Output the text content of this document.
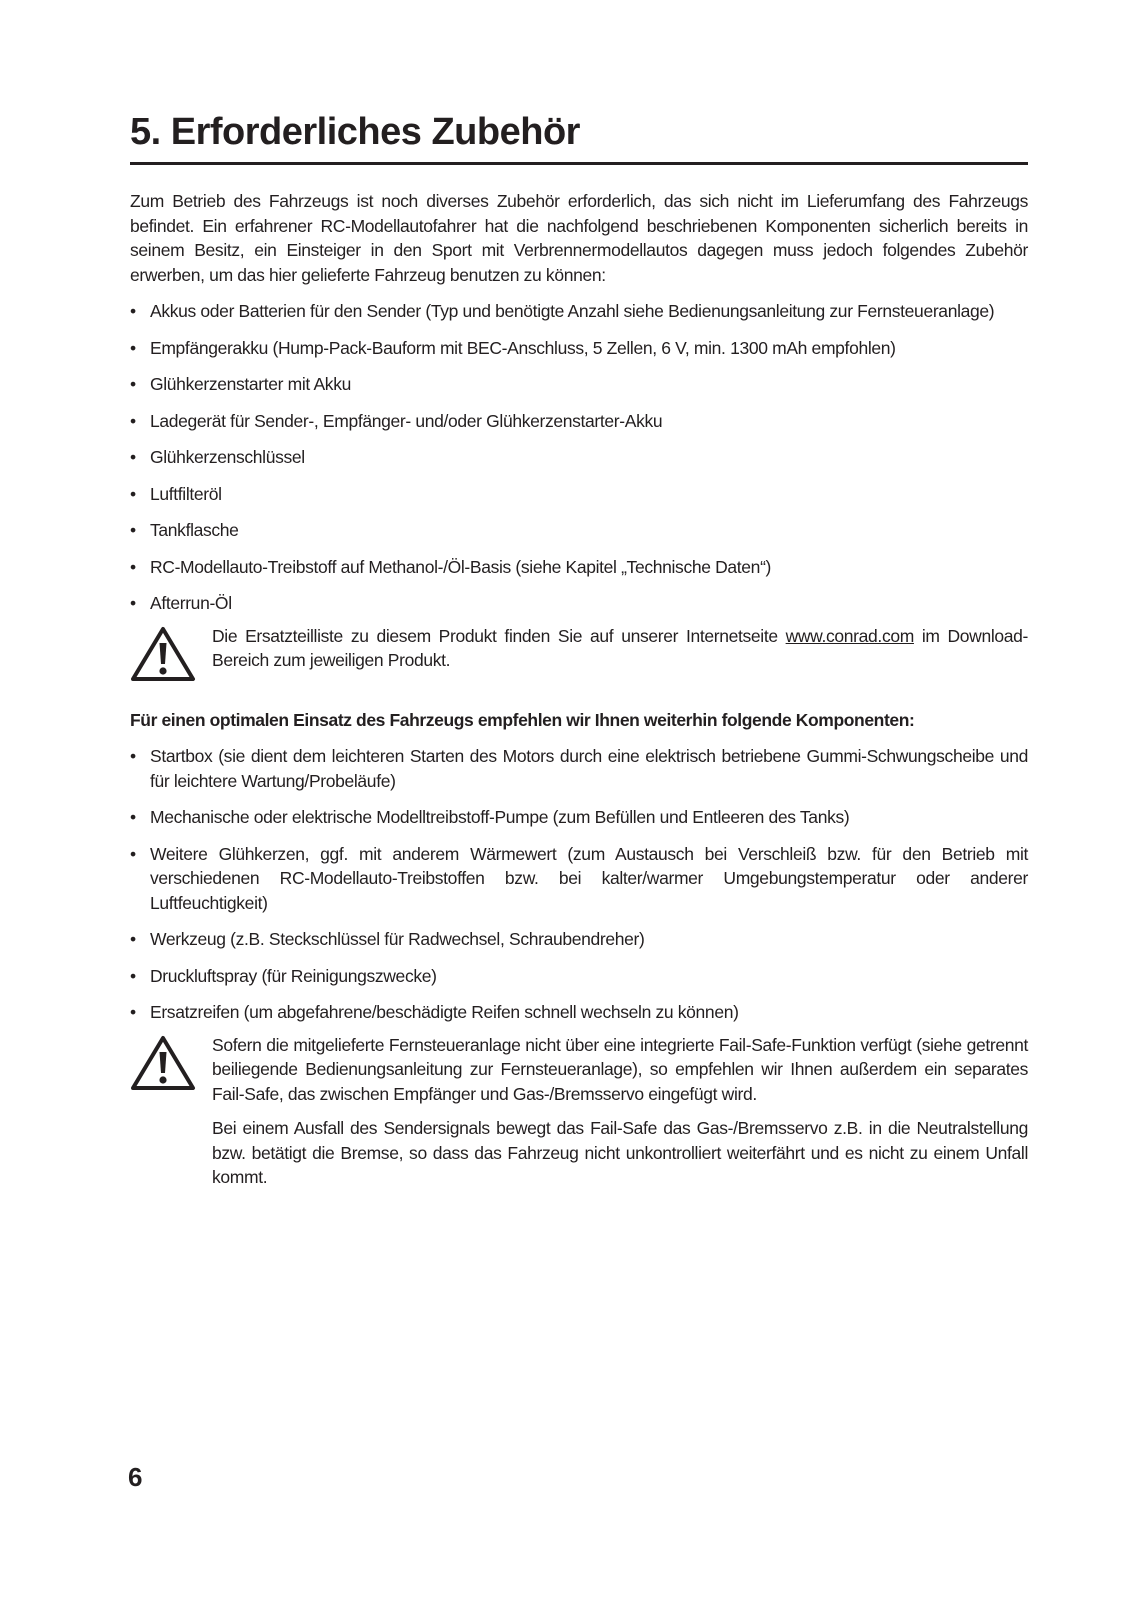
5. Erforderliches Zubehör

Zum Betrieb des Fahrzeugs ist noch diverses Zubehör erforderlich, das sich nicht im Lieferumfang des Fahrzeugs befindet. Ein erfahrener RC-Modellautofahrer hat die nachfolgend beschriebenen Komponenten sicherlich bereits in seinem Besitz, ein Einsteiger in den Sport mit Verbrennermodellautos dagegen muss jedoch folgendes Zubehör erwerben, um das hier gelieferte Fahrzeug benutzen zu können:

• Akkus oder Batterien für den Sender (Typ und benötigte Anzahl siehe Bedienungsanleitung zur Fernsteueranlage)
• Empfängerakku (Hump-Pack-Bauform mit BEC-Anschluss, 5 Zellen, 6 V, min. 1300 mAh empfohlen)
• Glühkerzenstarter mit Akku
• Ladegerät für Sender-, Empfänger- und/oder Glühkerzenstarter-Akku
• Glühkerzenschlüssel
• Luftfilteröl
• Tankflasche
• RC-Modellauto-Treibstoff auf Methanol-/Öl-Basis (siehe Kapitel „Technische Daten“)
• Afterrun-Öl

Die Ersatzteilliste zu diesem Produkt finden Sie auf unserer Internetseite www.conrad.com im Download-Bereich zum jeweiligen Produkt.

Für einen optimalen Einsatz des Fahrzeugs empfehlen wir Ihnen weiterhin folgende Komponenten:

• Startbox (sie dient dem leichteren Starten des Motors durch eine elektrisch betriebene Gummi-Schwungscheibe und für leichtere Wartung/Probeläufe)
• Mechanische oder elektrische Modelltreibstoff-Pumpe (zum Befüllen und Entleeren des Tanks)
• Weitere Glühkerzen, ggf. mit anderem Wärmewert (zum Austausch bei Verschleiß bzw. für den Betrieb mit verschiedenen RC-Modellauto-Treibstoffen bzw. bei kalter/warmer Umgebungstemperatur oder anderer Luftfeuchtigkeit)
• Werkzeug (z.B. Steckschlüssel für Radwechsel, Schraubendreher)
• Druckluftspray (für Reinigungszwecke)
• Ersatzreifen (um abgefahrene/beschädigte Reifen schnell wechseln zu können)

Sofern die mitgelieferte Fernsteueranlage nicht über eine integrierte Fail-Safe-Funktion verfügt (siehe getrennt beiliegende Bedienungsanleitung zur Fernsteueranlage), so empfehlen wir Ihnen außerdem ein separates Fail-Safe, das zwischen Empfänger und Gas-/Bremsservo eingefügt wird.

Bei einem Ausfall des Sendersignals bewegt das Fail-Safe das Gas-/Bremsservo z.B. in die Neutralstellung bzw. betätigt die Bremse, so dass das Fahrzeug nicht unkontrolliert weiterfährt und es nicht zu einem Unfall kommt.

6
